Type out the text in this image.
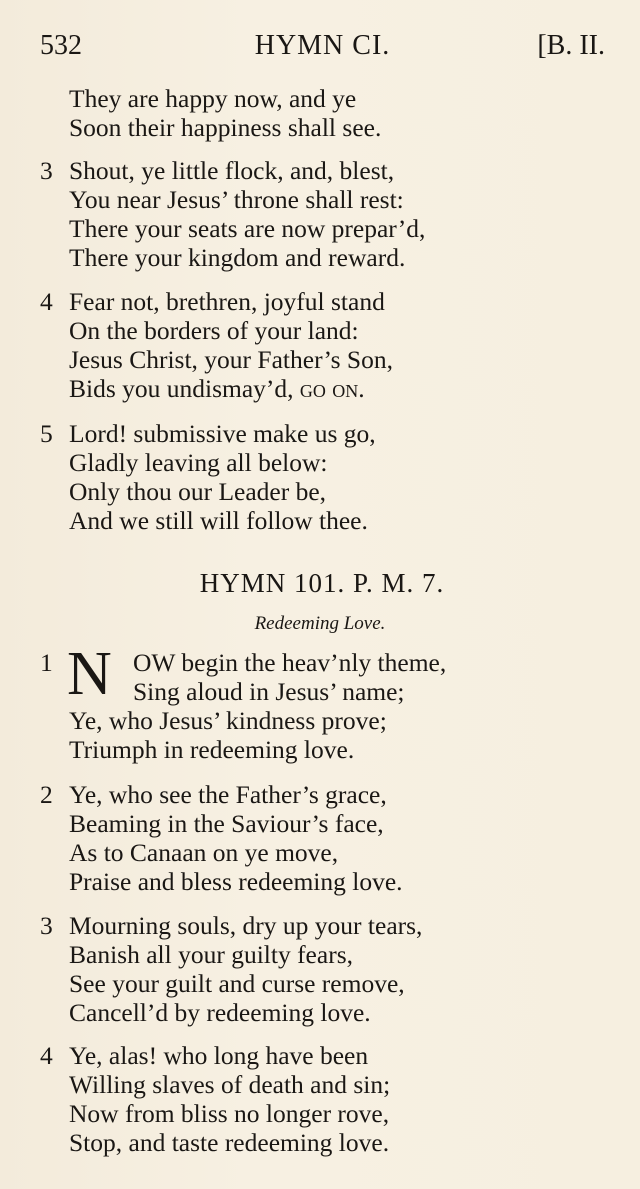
532	HYMN CI.	[B. II.
They are happy now, and ye
Soon their happiness shall see.
3 Shout, ye little flock, and, blest,
You near Jesus’ throne shall rest:
There your seats are now prepar’d,
There your kingdom and reward.
4 Fear not, brethren, joyful stand
On the borders of your land:
Jesus Christ, your Father’s Son,
Bids you undismay’d, go on.
5 Lord! submissive make us go,
Gladly leaving all below:
Only thou our Leader be,
And we still will follow thee.
HYMN 101. P. M. 7.
Redeeming Love.
1
Sing aloud in Jesus’ name;
Ye, who Jesus’ kindness prove;
Triumph in redeeming love.
N OW begin the heav’nly theme,
2 Ye, who see the Father’s grace,
Beaming in the Saviour’s face,
As to Canaan on ye move,
Praise and bless redeeming love.
3 Mourning souls, dry up your tears,
Banish all your guilty fears,
See your guilt and curse remove,
Cancell’d by redeeming love.
4 Ye, alas! who long have been
Willing slaves of death and sin;
Now from bliss no longer rove,
Stop, and taste redeeming love.
